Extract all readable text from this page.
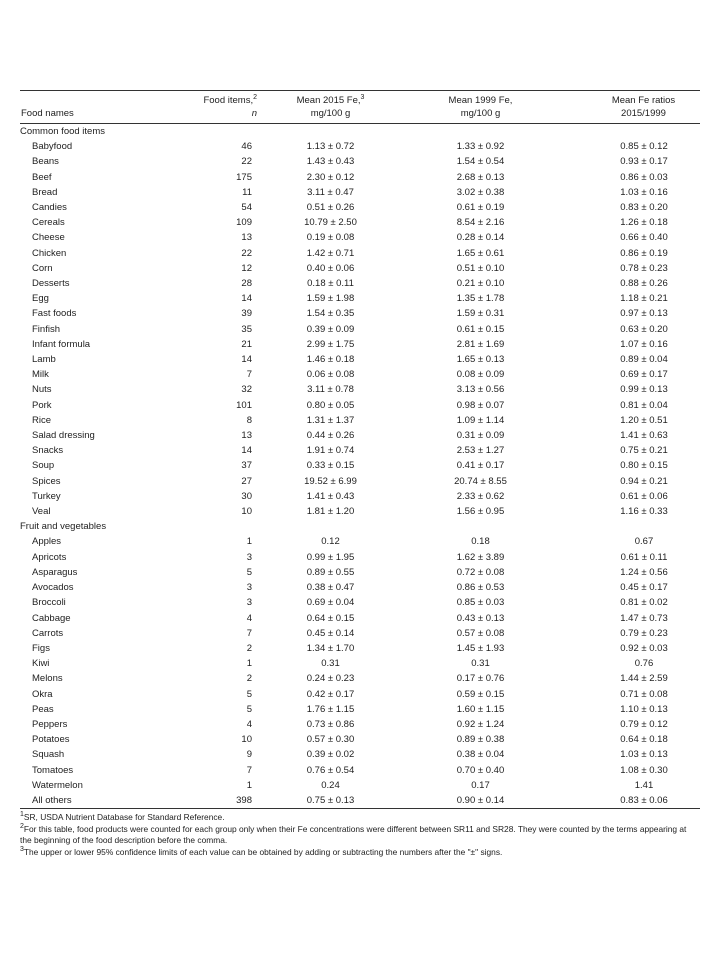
	Food items,$^2$	Mean 2015 Fe,$^3$	Mean 1999 Fe,	Mean Fe ratios
Food names	n	mg/100 g	mg/100 g	2015/1999
Common food items				
Babyfood	46	1.13 ± 0.72	1.33 ± 0.92	0.85 ± 0.12
Beans	22	1.43 ± 0.43	1.54 ± 0.54	0.93 ± 0.17
Beef	175	2.30 ± 0.12	2.68 ± 0.13	0.86 ± 0.03
Bread	11	3.11 ± 0.47	3.02 ± 0.38	1.03 ± 0.16
Candies	54	0.51 ± 0.26	0.61 ± 0.19	0.83 ± 0.20
Cereals	109	10.79 ± 2.50	8.54 ± 2.16	1.26 ± 0.18
Cheese	13	0.19 ± 0.08	0.28 ± 0.14	0.66 ± 0.40
Chicken	22	1.42 ± 0.71	1.65 ± 0.61	0.86 ± 0.19
Corn	12	0.40 ± 0.06	0.51 ± 0.10	0.78 ± 0.23
Desserts	28	0.18 ± 0.11	0.21 ± 0.10	0.88 ± 0.26
Egg	14	1.59 ± 1.98	1.35 ± 1.78	1.18 ± 0.21
Fast foods	39	1.54 ± 0.35	1.59 ± 0.31	0.97 ± 0.13
Finfish	35	0.39 ± 0.09	0.61 ± 0.15	0.63 ± 0.20
Infant formula	21	2.99 ± 1.75	2.81 ± 1.69	1.07 ± 0.16
Lamb	14	1.46 ± 0.18	1.65 ± 0.13	0.89 ± 0.04
Milk	7	0.06 ± 0.08	0.08 ± 0.09	0.69 ± 0.17
Nuts	32	3.11 ± 0.78	3.13 ± 0.56	0.99 ± 0.13
Pork	101	0.80 ± 0.05	0.98 ± 0.07	0.81 ± 0.04
Rice	8	1.31 ± 1.37	1.09 ± 1.14	1.20 ± 0.51
Salad dressing	13	0.44 ± 0.26	0.31 ± 0.09	1.41 ± 0.63
Snacks	14	1.91 ± 0.74	2.53 ± 1.27	0.75 ± 0.21
Soup	37	0.33 ± 0.15	0.41 ± 0.17	0.80 ± 0.15
Spices	27	19.52 ± 6.99	20.74 ± 8.55	0.94 ± 0.21
Turkey	30	1.41 ± 0.43	2.33 ± 0.62	0.61 ± 0.06
Veal	10	1.81 ± 1.20	1.56 ± 0.95	1.16 ± 0.33
Fruit and vegetables				
Apples	1	0.12	0.18	0.67
Apricots	3	0.99 ± 1.95	1.62 ± 3.89	0.61 ± 0.11
Asparagus	5	0.89 ± 0.55	0.72 ± 0.08	1.24 ± 0.56
Avocados	3	0.38 ± 0.47	0.86 ± 0.53	0.45 ± 0.17
Broccoli	3	0.69 ± 0.04	0.85 ± 0.03	0.81 ± 0.02
Cabbage	4	0.64 ± 0.15	0.43 ± 0.13	1.47 ± 0.73
Carrots	7	0.45 ± 0.14	0.57 ± 0.08	0.79 ± 0.23
Figs	2	1.34 ± 1.70	1.45 ± 1.93	0.92 ± 0.03
Kiwi	1	0.31	0.31	0.76
Melons	2	0.24 ± 0.23	0.17 ± 0.76	1.44 ± 2.59
Okra	5	0.42 ± 0.17	0.59 ± 0.15	0.71 ± 0.08
Peas	5	1.76 ± 1.15	1.60 ± 1.15	1.10 ± 0.13
Peppers	4	0.73 ± 0.86	0.92 ± 1.24	0.79 ± 0.12
Potatoes	10	0.57 ± 0.30	0.89 ± 0.38	0.64 ± 0.18
Squash	9	0.39 ± 0.02	0.38 ± 0.04	1.03 ± 0.13
Tomatoes	7	0.76 ± 0.54	0.70 ± 0.40	1.08 ± 0.30
Watermelon	1	0.24	0.17	1.41
All others	398	0.75 ± 0.13	0.90 ± 0.14	0.83 ± 0.06

$^1$SR, USDA Nutrient Database for Standard Reference.

$^2$For this table, food products were counted for each group only when their Fe concentrations were different between SR11 and SR28. They were counted by the terms appearing at the beginning of the food description before the comma.

$^3$The upper or lower 95% confidence limits of each value can be obtained by adding or subtracting the numbers after the "±" signs.
